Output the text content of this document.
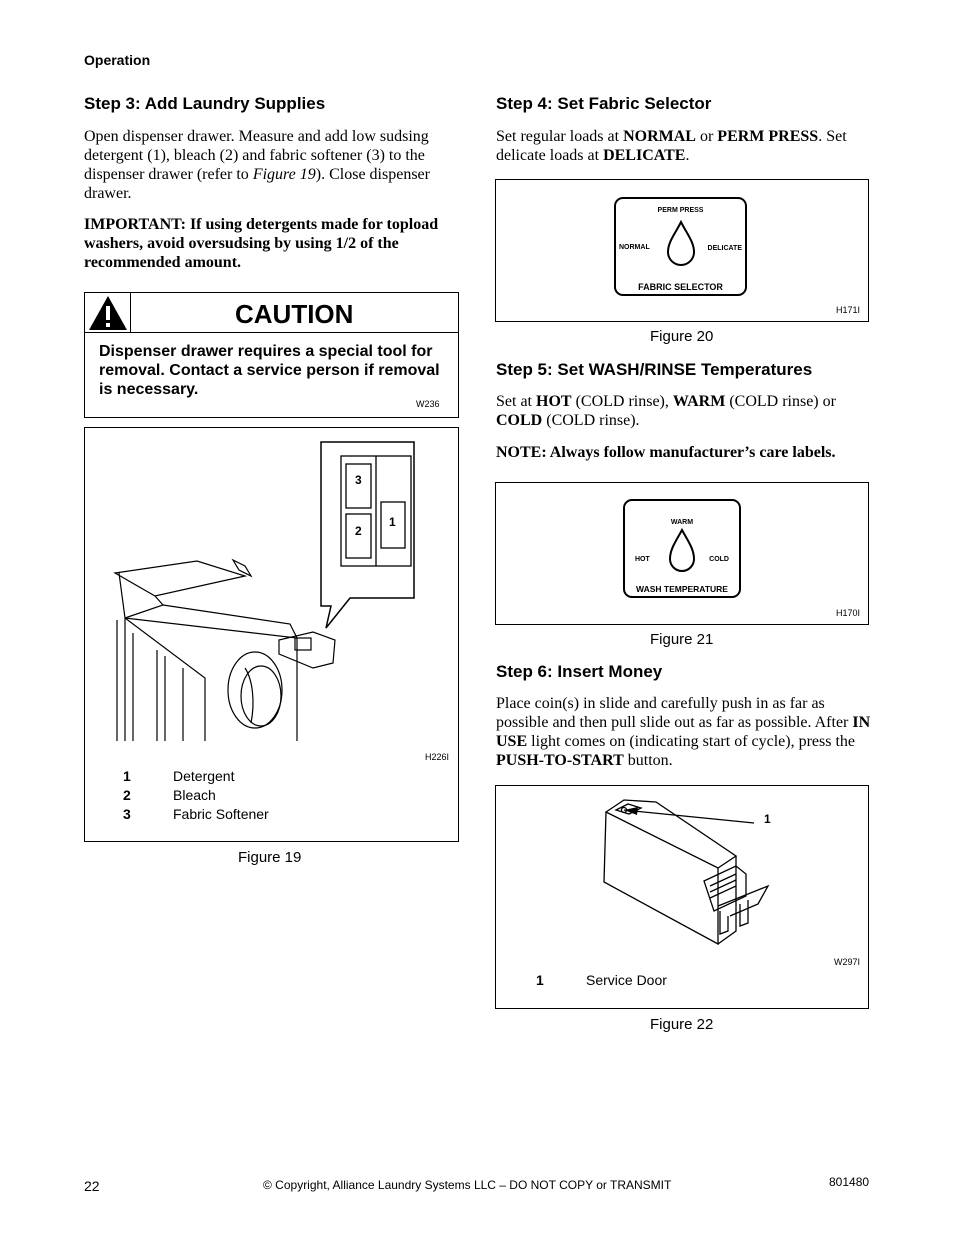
Operation
Step 3: Add Laundry Supplies
Open dispenser drawer. Measure and add low sudsing detergent (1), bleach (2) and fabric softener (3) to the dispenser drawer (refer to Figure 19). Close dispenser drawer.
IMPORTANT: If using detergents made for topload washers, avoid oversudsing by using 1/2 of the recommended amount.
CAUTION
Dispenser drawer requires a special tool for removal. Contact a service person if removal is necessary.
W236
3
2
1
H226I
1	Detergent
2	Bleach
3	Fabric Softener
Figure 19
Step 4: Set Fabric Selector
Set regular loads at NORMAL or PERM PRESS. Set delicate loads at DELICATE.
PERM PRESS
NORMAL	DELICATE
FABRIC SELECTOR
H171I
Figure 20
Step 5: Set WASH/RINSE Temperatures
Set at HOT (COLD rinse), WARM (COLD rinse) or COLD (COLD rinse).
NOTE: Always follow manufacturer’s care labels.
WARM
HOT	COLD
WASH TEMPERATURE
H170I
Figure 21
Step 6: Insert Money
Place coin(s) in slide and carefully push in as far as possible and then pull slide out as far as possible. After IN USE light comes on (indicating start of cycle), press the PUSH-TO-START button.
1
W297I
1	Service Door
Figure 22
22	© Copyright, Alliance Laundry Systems LLC – DO NOT COPY or TRANSMIT	801480
